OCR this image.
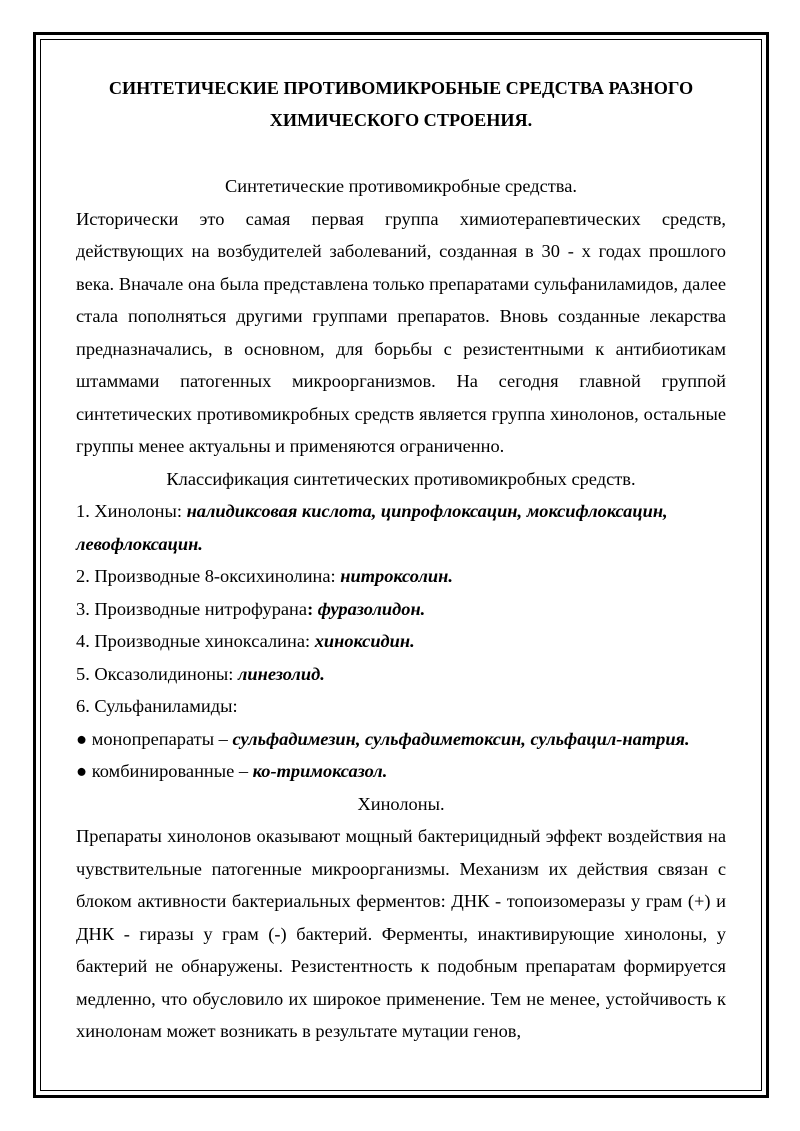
СИНТЕТИЧЕСКИЕ ПРОТИВОМИКРОБНЫЕ СРЕДСТВА РАЗНОГО

ХИМИЧЕСКОГО СТРОЕНИЯ.

Синтетические противомикробные средства.

Исторически это самая первая группа химиотерапевтических средств, действующих на возбудителей заболеваний, созданная в 30 - х годах прошлого века. Вначале она была представлена только препаратами сульфаниламидов, далее стала пополняться другими группами препаратов. Вновь созданные лекарства предназначались, в основном, для борьбы с резистентными к антибиотикам штаммами патогенных микроорганизмов. На сегодня главной группой синтетических противомикробных средств является группа хинолонов, остальные группы менее актуальны и применяются ограниченно.

Классификация синтетических противомикробных средств.

1. Хинолоны: налидиксовая кислота, ципрофлоксацин, моксифлоксацин, левофлоксацин.

2. Производные 8-оксихинолина: нитроксолин.

3. Производные нитрофурана: фуразолидон.

4. Производные хиноксалина: хиноксидин.

5. Оксазолидиноны: линезолид.

6. Сульфаниламиды:

● монопрепараты – сульфадимезин, сульфадиметоксин, сульфацил-натрия.

● комбинированные – ко-тримоксазол.

Хинолоны.

Препараты хинолонов оказывают мощный бактерицидный эффект воздействия на чувствительные патогенные микроорганизмы. Механизм их действия связан с блоком активности бактериальных ферментов: ДНК - топоизомеразы у грам (+) и ДНК - гиразы у грам (-) бактерий. Ферменты, инактивирующие хинолоны, у бактерий не обнаружены. Резистентность к подобным препаратам формируется медленно, что обусловило их широкое применение. Тем не менее, устойчивость к хинолонам может возникать в результате мутации генов,
